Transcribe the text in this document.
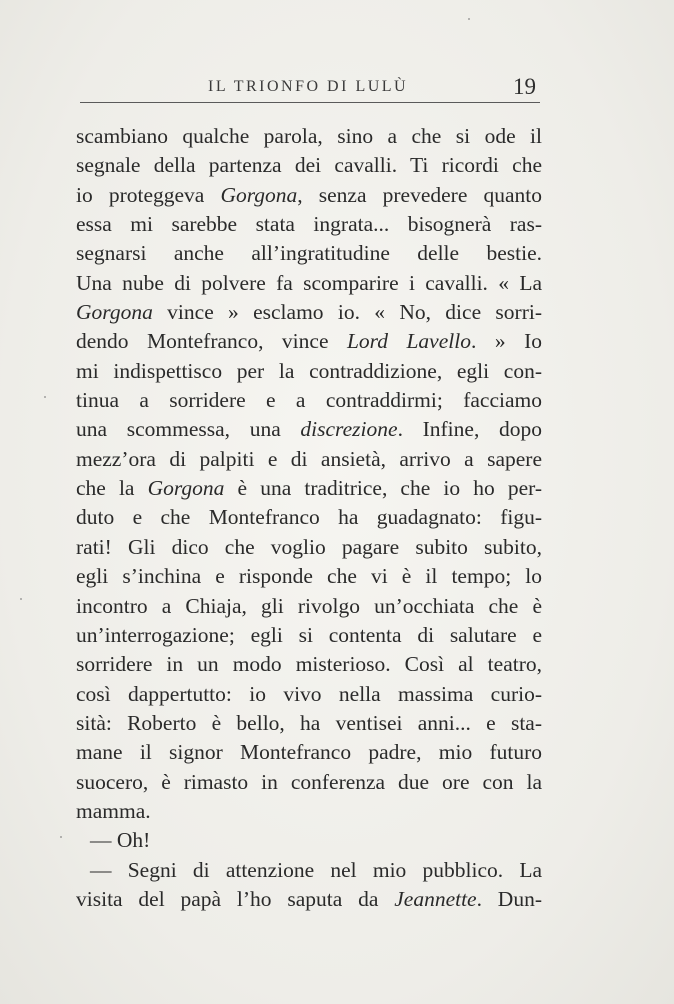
IL TRIONFO DI LULÙ	19
scambiano qualche parola, sino a che si ode il
segnale della partenza dei cavalli. Ti ricordi che
io proteggeva Gorgona, senza prevedere quanto
essa mi sarebbe stata ingrata... bisognerà ras-
segnarsi anche all’ingratitudine delle bestie.
Una nube di polvere fa scomparire i cavalli. « La
Gorgona vince » esclamo io. « No, dice sorri-
dendo Montefranco, vince Lord Lavello. » Io
mi indispettisco per la contraddizione, egli con-
tinua a sorridere e a contraddirmi; facciamo
una scommessa, una discrezione. Infine, dopo
mezz’ora di palpiti e di ansietà, arrivo a sapere
che la Gorgona è una traditrice, che io ho per-
duto e che Montefranco ha guadagnato: figu-
rati! Gli dico che voglio pagare subito subito,
egli s’inchina e risponde che vi è il tempo; lo
incontro a Chiaja, gli rivolgo un’occhiata che è
un’interrogazione; egli si contenta di salutare e
sorridere in un modo misterioso. Così al teatro,
così dappertutto: io vivo nella massima curio-
sità: Roberto è bello, ha ventisei anni... e sta-
mane il signor Montefranco padre, mio futuro
suocero, è rimasto in conferenza due ore con la
mamma.
— Oh!
— Segni di attenzione nel mio pubblico. La
visita del papà l’ho saputa da Jeannette. Dun-
